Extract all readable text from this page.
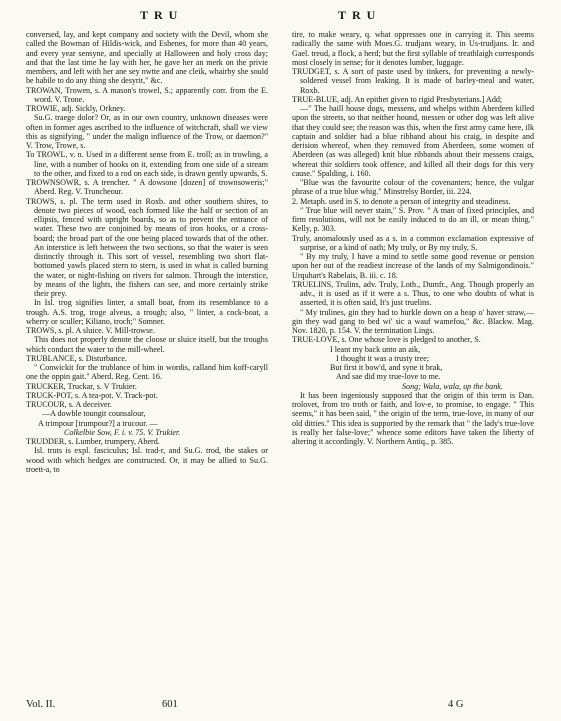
TRU	TRU

conversed, lay, and kept company and society with the Devil, whom she called the Bowman of Hildis-wick, and Eshenes, for more than 40 years, and every year sensyne, and specially at Halloween and holy cross day; and that the last time he lay with her, he gave her an merk on the privie members, and left with her ane sey nwtte and ane cleik, whairby she sould be habile to do any thing she desyrit," &c.

TROWAN, Trowen, s. A mason's trowel, S.; apparently corr. from the E. word. V. Trone.

TROWIE, adj. Sickly, Orkney.

Su.G. traege dolor? Or, as in our own country, unknown diseases were often in former ages ascribed to the influence of witchcraft, shall we view this as signifying, " under the malign influence of the Trow, or daemon?" V. Trow, Trowe, s.

To TROWL, v. n. Used in a different sense from E. troll; as in trowling, a line, with a number of hooks on it, extending from one side of a stream to the other, and fixed to a rod on each side, is drawn gently upwards, S.

TROWNSOWR, s. A trencher. " A dowsone [dozen] of trownsoweris;" Aberd. Reg. V. Truncheour.

TROWS, s. pl. The term used in Roxb. and other southern shires, to denote two pieces of wood, each formed like the half or section of an ellipsis, fenced with upright boards, so as to prevent the entrance of water. These two are conjoined by means of iron hooks, or a cross-board; the broad part of the one being placed towards that of the other. An interstice is left between the two sections, so that the water is seen distinctly through it. This sort of vessel, resembling two short flat-bottomed yawls placed stern to stern, is used in what is called burning the water, or night-fishing on rivers for salmon. Through the interstice, by means of the lights, the fishers can see, and more certainly strike their prey.

In Isl. trog signifies linter, a small boat, from its resemblance to a trough. A.S. trog, troge alveus, a trough; also, " linter, a cock-boat, a wherry or sculler; Kiliano, troch;" Somner.

TROWS, s. pl. A sluice. V. Mill-trowse.

This does not properly denote the cloose or sluice itself, but the troughs which conduct the water to the mill-wheel.

TRUBLANCE, s. Disturbance.

" Conwickit for the trublance of him in wordis, calland him koff-caryll one the oppin gait." Aberd. Reg. Cent. 16.

TRUCKER, Truckar, s. V Trukier.

TRUCK-POT, s. A tea-pot. V. Track-pot.

TRUCOUR, s. A deceiver.

—A dowble toungit counsalour,

A trimpour [trumpour?] a trucour. —

Colkelbie Sow, F. i. v. 75. V. Trukier.

TRUDDER, s. Lumber, trumpery, Aberd.

Isl. truts is expl. fasciculus; Isl. trad-r, and Su.G. trod, the stakes or wood with which hedges are constructed. Or, it may be allied to Su.G. troett-a, to

tire, to make weary, q. what oppresses one in carrying it. This seems radically the same with Moes.G. trudjans weary, in Us-trudjans. Ir. and Gael. treud, a flock, a herd; but the first syllable of treathlaigh corresponds most closely in sense; for it denotes lumber, luggage.

TRUDGET, s. A sort of paste used by tinkers, for preventing a newly-soldered vessel from leaking. It is made of barley-meal and water, Roxb.

TRUE-BLUE, adj. An epithet given to rigid Presbyterians.] Add;

—" The haill house dogs, messens, and whelps within Aberdeen killed upon the streets, so that neither hound, messen or other dog was left alive that they could see; the reason was this, when the first army came here, ilk captain and soldier had a blue ribband about his craig, in despite and derision whereof, when they removed from Aberdeen, some women of Aberdeen (as was alleged) knit blue ribbands about their messens craigs, whereat thir soldiers took offence, and killed all their dogs for this very cause." Spalding, i. 160.

"Blue was the favourite colour of the covenanters; hence, the vulgar phrase of a true blue whig." Minstrelsy Border, iii. 224.

2. Metaph. used in S. to denote a person of integrity and steadiness.

" True blue will never stain," S. Prov. " A man of fixed principles, and firm resolutions, will not be easily induced to do an ill, or mean thing." Kelly, p. 303.

Truly, anomalously used as a s. in a common exclamation expressive of surprise, or a kind of oath; My truly, or By my truly, S.

" By my truly, I have a mind to settle some good revenue or pension upon her out of the readiest increase of the lands of my Salmigondinois." Urquhart's Rabelais, B. iii. c. 18.

TRUELINS, Trulins, adv. Truly, Loth., Dumfr., Ang. Though properly an adv., it is used as if it were a s. Thus, to one who doubts of what is asserted, it is often said, It's just truelins.

" My trulines, gin they had to hurkle down on a heap o' haver straw,—gin they wad gang to bed wi' sic a wauf wamefou," &c. Blackw. Mag. Nov. 1820, p. 154. V. the termination Lings.

TRUE-LOVE, s. One whose love is pledged to another, S.

I leant my back unto an aik,

I thought it was a trusty tree;

But first it bow'd, and syne it brak,

And sae did my true-love to me.

Song; Wala, wala, up the bank.

It has been ingeniously supposed that the origin of this term is Dan. trolovet, from tro troth or faith, and lov-e, to promise, to engage. " This seems," it has been said, " the origin of the term, true-love, in many of our old ditties." This idea is supported by the remark that " the lady's true-love is really her false-love;" whence some editors have taken the liberty of altering it accordingly. V. Northern Antiq., p. 385.

Vol. II.	601	4 G
